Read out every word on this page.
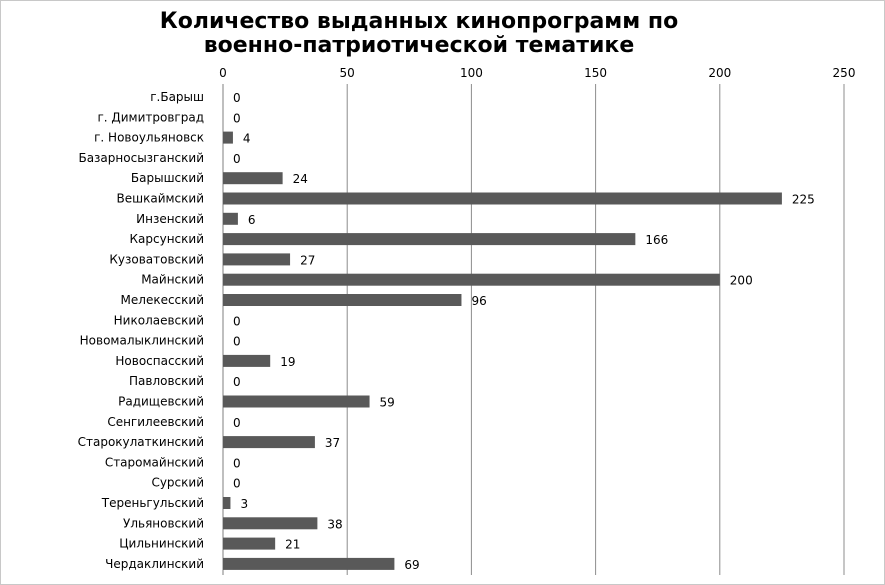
Количество выданных кинопрограмм по
военно-патриотической тематике
0	50	100	150	200	250
г.Барыш
г. Димитровград
г. Новоульяновск
Базарносызганский
Барышский
Вешкаймский
Инзенский
Карсунский
Кузоватовский
Майнский
Мелекесский
Николаевский
Новомалыклинский
Новоспасский
Павловский
Радищевский
Сенгилеевский
Старокулаткинский
Старомайнский
Сурский
Тереньгульский
Ульяновский
Цильнинский
Чердаклинский
0
0
4
0
24
225
6
166
27
200
96
0
0
19
0
59
0
37
0
0
3
38
21
69
